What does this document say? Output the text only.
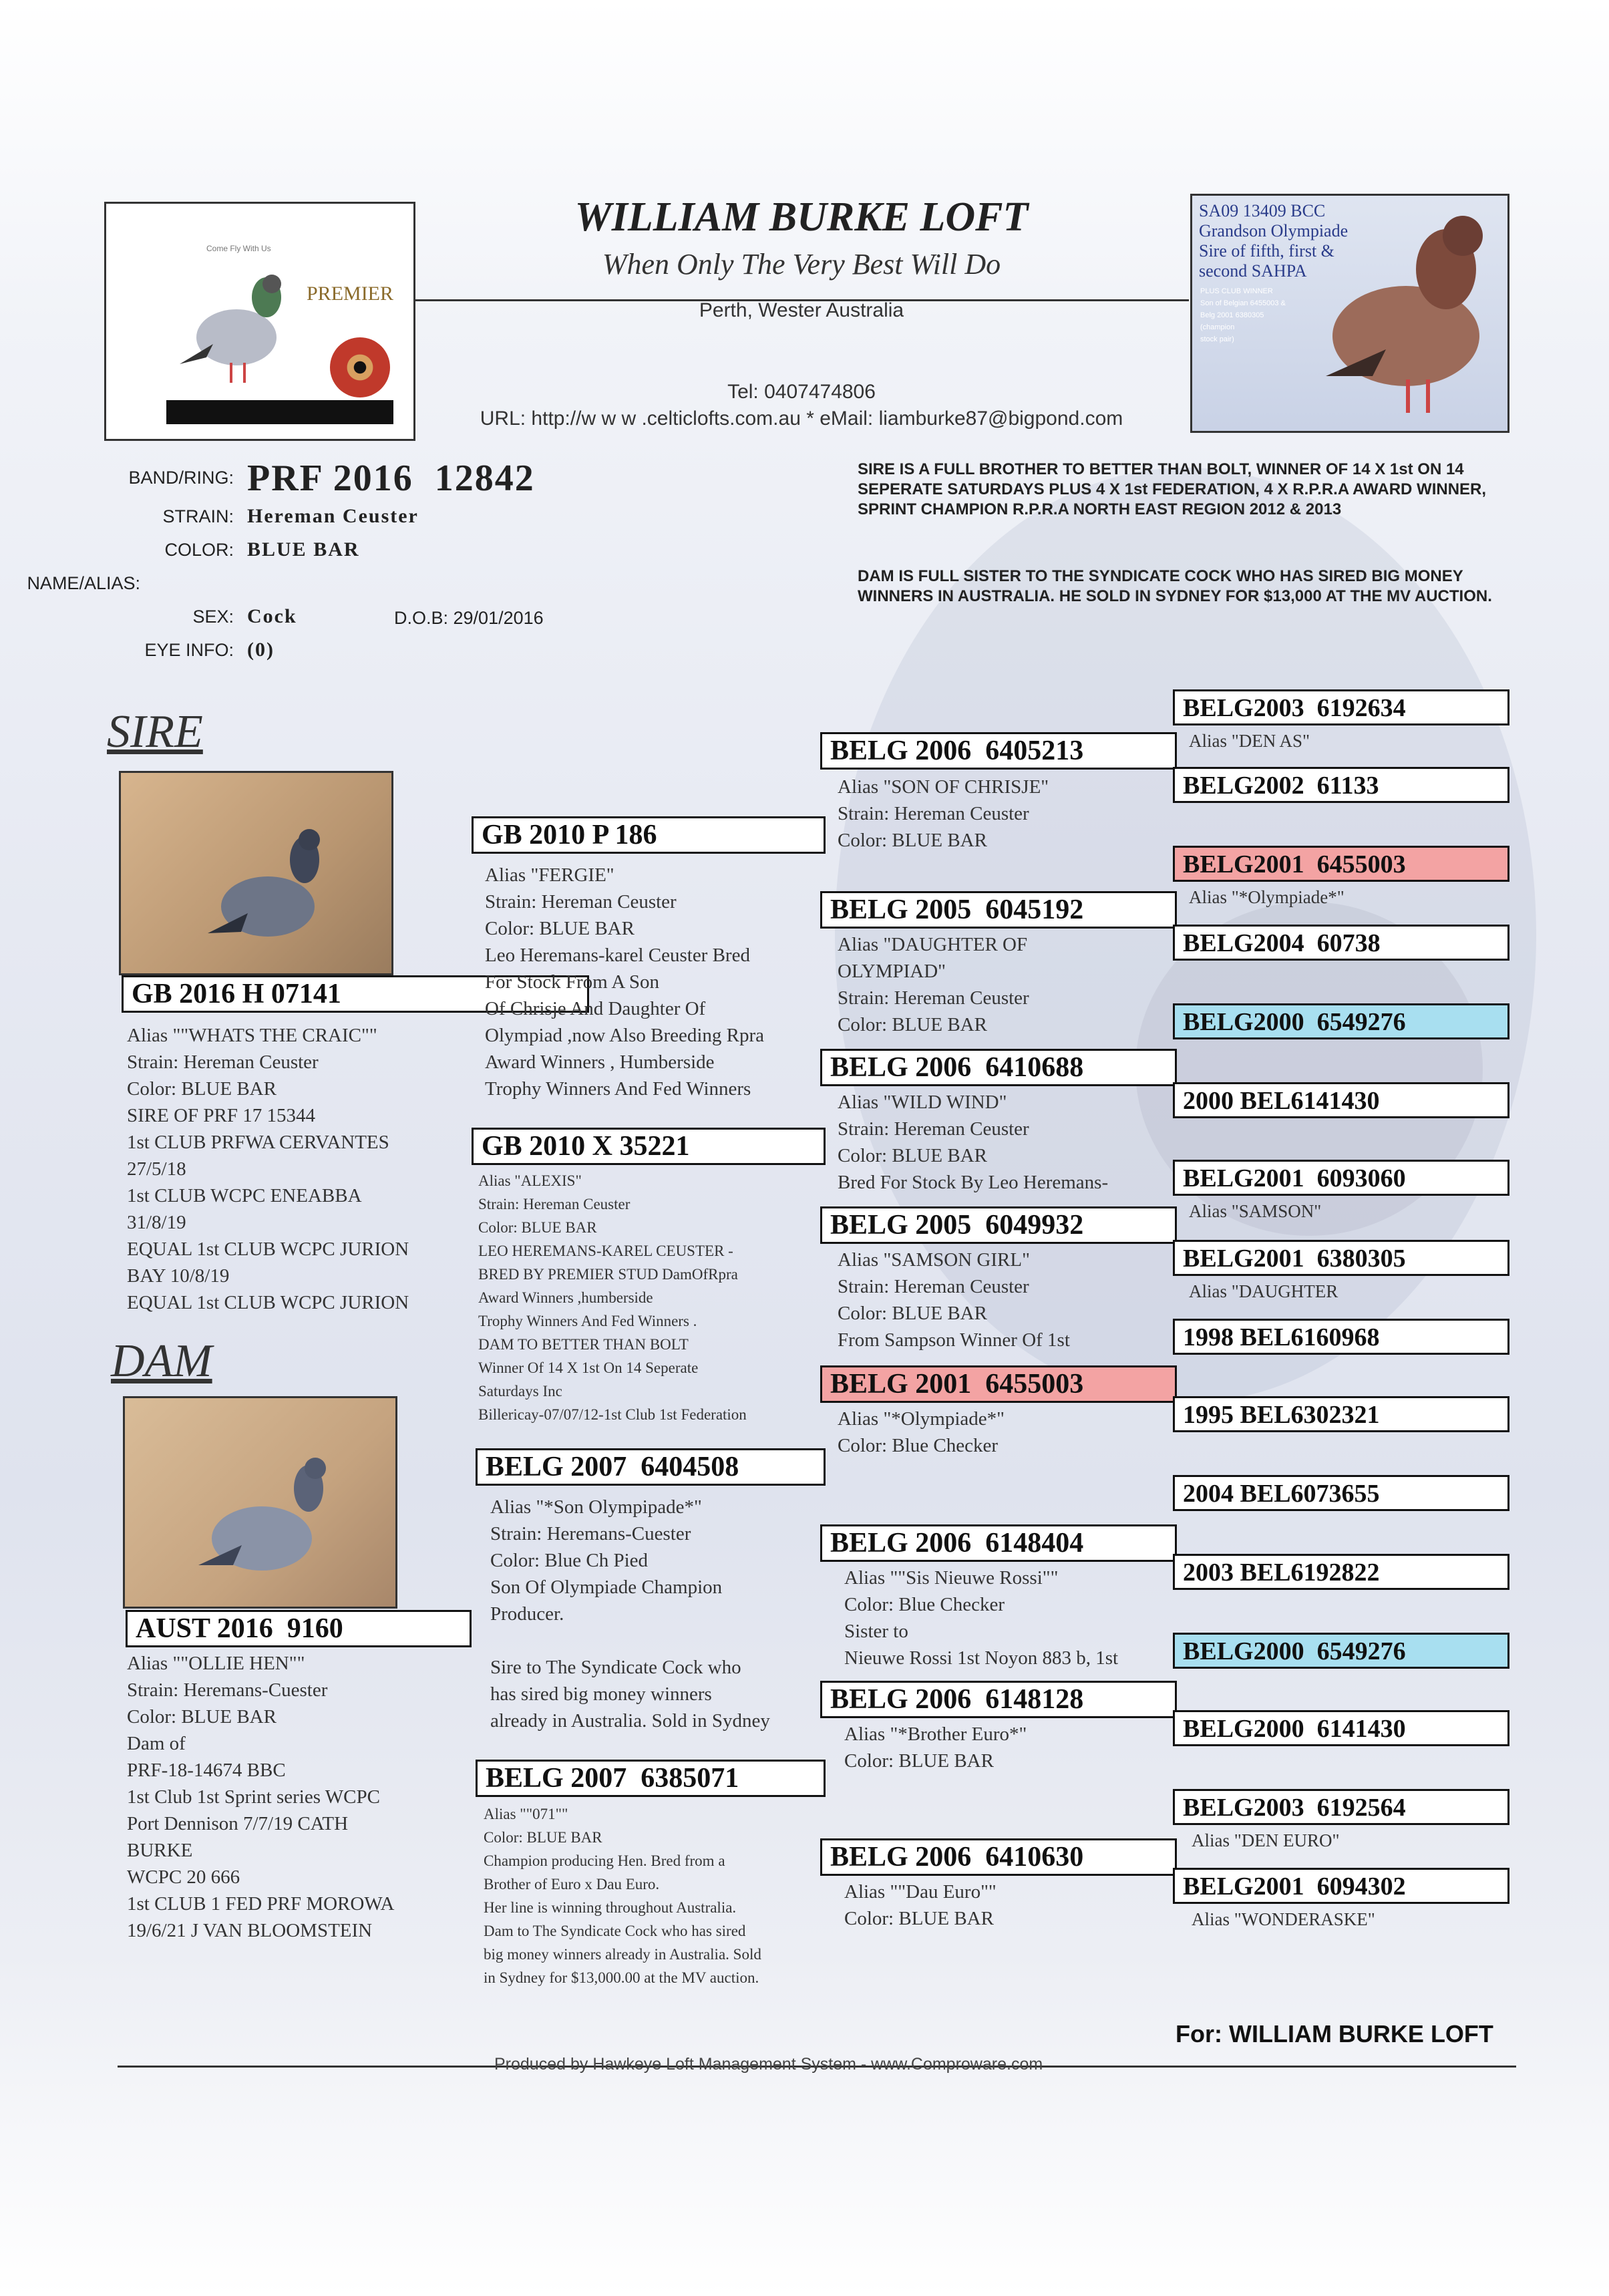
Come Fly With Us
PREMIER
WILLIAM BURKE LOFT
When Only The Very Best Will Do
Perth, Wester Australia
Tel: 0407474806
URL: http://w w w .celticlofts.com.au * eMail: liamburke87@bigpond.com
SA09 13409 BCC
Grandson Olympiade
Sire of fifth, first &
second SAHPA
PLUS CLUB WINNER
Son of Belgian 6455003 &
Belg 2001 6380305
(champion
stock pair)
BAND/RING: PRF 2016  12842
STRAIN: Hereman Ceuster
COLOR: BLUE BAR
NAME/ALIAS:
SEX: Cock	D.O.B: 29/01/2016
EYE INFO: (0)
SIRE IS A FULL BROTHER TO BETTER THAN BOLT, WINNER OF 14 X 1st ON 14 SEPERATE SATURDAYS PLUS 4 X 1st FEDERATION, 4 X R.P.R.A AWARD WINNER, SPRINT CHAMPION R.P.R.A NORTH EAST REGION 2012 & 2013
DAM IS FULL SISTER TO THE SYNDICATE COCK WHO HAS SIRED BIG MONEY WINNERS IN AUSTRALIA. HE SOLD IN SYDNEY FOR $13,000 AT THE MV AUCTION.
SIRE
GB 2016 H 07141
Alias ""WHATS THE CRAIC""
Strain: Hereman Ceuster
Color: BLUE BAR
SIRE OF PRF 17 15344
1st CLUB PRFWA CERVANTES
27/5/18
1st CLUB WCPC ENEABBA
31/8/19
EQUAL 1st CLUB WCPC JURION
BAY 10/8/19
EQUAL 1st CLUB WCPC JURION
DAM
AUST 2016  9160
Alias ""OLLIE HEN""
Strain: Heremans-Cuester
Color: BLUE BAR
Dam of
PRF-18-14674 BBC
1st Club 1st Sprint series WCPC
Port Dennison 7/7/19 CATH
BURKE
WCPC 20 666
1st CLUB 1 FED PRF MOROWA
19/6/21 J VAN BLOOMSTEIN
GB 2010 P 186
Alias "FERGIE"
Strain: Hereman Ceuster
Color: BLUE BAR
Leo Heremans-karel Ceuster Bred
For Stock From A Son
Of Chrisje And Daughter Of
Olympiad ,now Also Breeding Rpra
Award Winners , Humberside
Trophy Winners And Fed Winners
GB 2010 X 35221
Alias "ALEXIS"
Strain: Hereman Ceuster
Color: BLUE BAR
LEO HEREMANS-KAREL CEUSTER -
BRED BY PREMIER STUD DamOfRpra
Award Winners ,humberside
Trophy Winners And Fed Winners .
DAM TO BETTER THAN BOLT
Winner Of 14 X 1st On 14 Seperate
Saturdays Inc
Billericay-07/07/12-1st Club 1st Federation
BELG 2007  6404508
Alias "*Son Olympipade*"
Strain: Heremans-Cuester
Color: Blue Ch Pied
Son Of Olympiade Champion
Producer.
Sire to The Syndicate Cock who
has sired big money winners
already in Australia. Sold in Sydney
BELG 2007  6385071
Alias ""071""
Color: BLUE BAR
Champion producing Hen. Bred from a
Brother of Euro x Dau Euro.
Her line is winning throughout Australia.
Dam to The Syndicate Cock who has sired
big money winners already in Australia. Sold
in Sydney for $13,000.00 at the MV auction.
BELG 2006  6405213
Alias "SON OF CHRISJE"
Strain: Hereman Ceuster
Color: BLUE BAR
BELG 2005  6045192
Alias "DAUGHTER OF
OLYMPIAD"
Strain: Hereman Ceuster
Color: BLUE BAR
BELG 2006  6410688
Alias "WILD WIND"
Strain: Hereman Ceuster
Color: BLUE BAR
Bred For Stock By Leo Heremans-
BELG 2005  6049932
Alias "SAMSON GIRL"
Strain: Hereman Ceuster
Color: BLUE BAR
From Sampson Winner Of 1st
BELG 2001  6455003
Alias "*Olympiade*"
Color: Blue Checker
BELG 2006  6148404
Alias ""Sis Nieuwe Rossi""
Color: Blue Checker
Sister to
Nieuwe Rossi 1st Noyon 883 b, 1st
BELG 2006  6148128
Alias "*Brother Euro*"
Color: BLUE BAR
BELG 2006  6410630
Alias ""Dau Euro""
Color: BLUE BAR
BELG2003  6192634
Alias "DEN AS"
BELG2002  61133
BELG2001  6455003
Alias "*Olympiade*"
BELG2004  60738
BELG2000  6549276
2000 BEL6141430
BELG2001  6093060
Alias "SAMSON"
BELG2001  6380305
Alias "DAUGHTER
1998 BEL6160968
1995 BEL6302321
2004 BEL6073655
2003 BEL6192822
BELG2000  6549276
BELG2000  6141430
BELG2003  6192564
Alias "DEN EURO"
BELG2001  6094302
Alias "WONDERASKE"
For: WILLIAM BURKE LOFT
Produced by Hawkeye Loft Management System - www.Comproware.com
